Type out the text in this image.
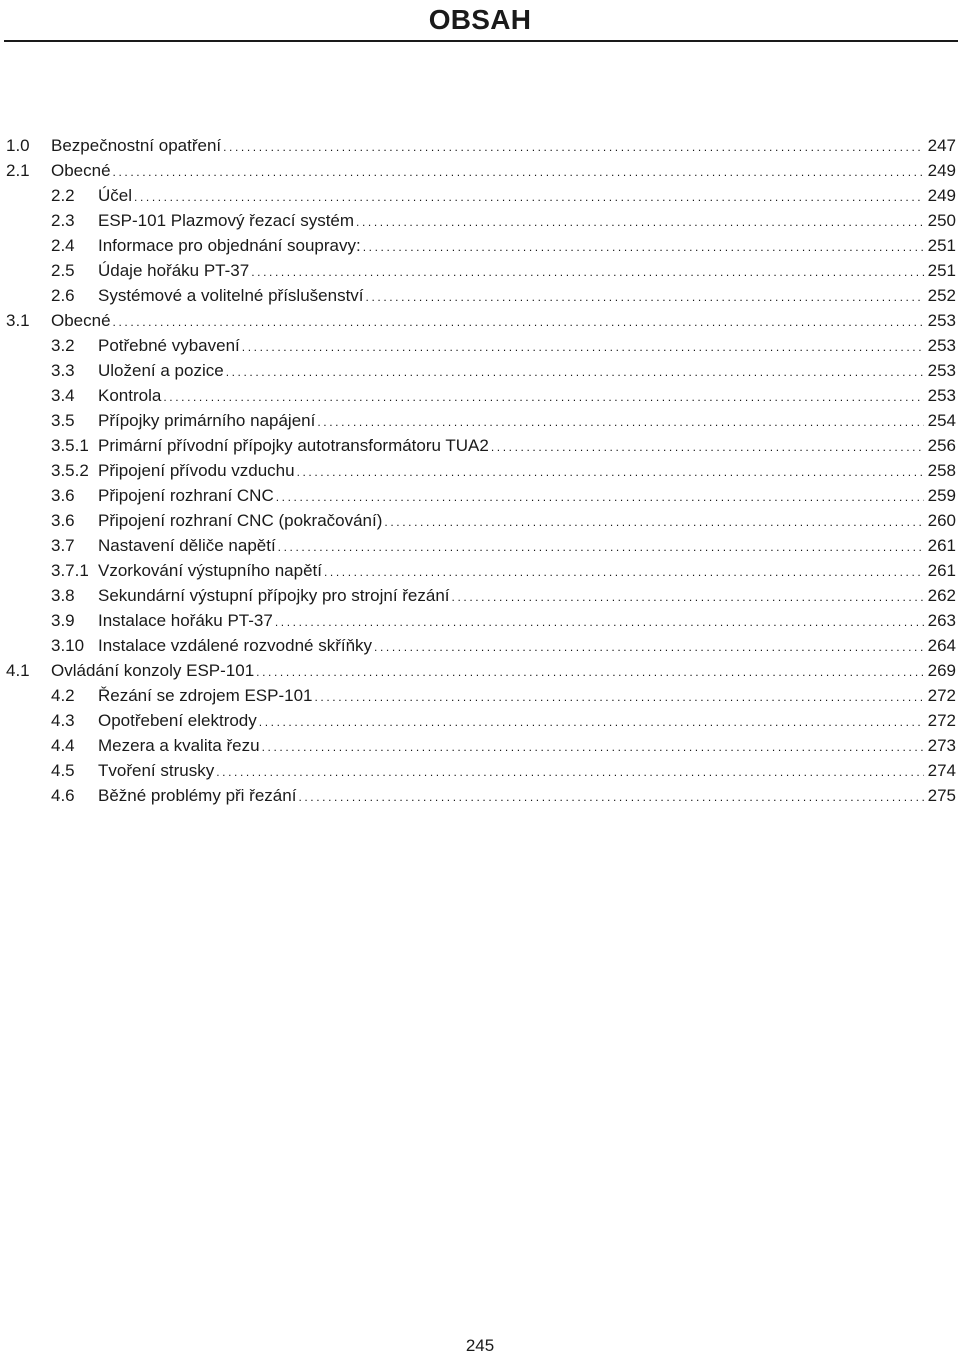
OBSAH
1.0 Bezpečnostní opatření .....	247
2.1 Obecné .....	249
2.2 Účel .....	249
2.3 ESP-101 Plazmový řezací systém .....	250
2.4 Informace pro objednání soupravy: .....	251
2.5 Údaje hořáku PT-37 .....	251
2.6 Systémové a volitelné příslušenství .....	252
3.1 Obecné .....	253
3.2 Potřebné vybavení .....	253
3.3 Uložení a pozice .....	253
3.4 Kontrola .....	253
3.5 Přípojky primárního napájení .....	254
3.5.1 Primární přívodní přípojky autotransformátoru TUA2 .....	256
3.5.2 Připojení přívodu vzduchu .....	258
3.6 Připojení rozhraní CNC .....	259
3.6 Připojení rozhraní CNC (pokračování) .....	260
3.7 Nastavení děliče napětí .....	261
3.7.1 Vzorkování výstupního napětí .....	261
3.8 Sekundární výstupní přípojky pro strojní řezání .....	262
3.9 Instalace hořáku PT-37 .....	263
3.10 Instalace vzdálené rozvodné skříňky .....	264
4.1 Ovládání konzoly ESP-101 .....	269
4.2 Řezání se zdrojem ESP-101 .....	272
4.3 Opotřebení elektrody .....	272
4.4 Mezera a kvalita řezu .....	273
4.5 Tvoření strusky .....	274
4.6 Běžné problémy při řezání .....	275
245
